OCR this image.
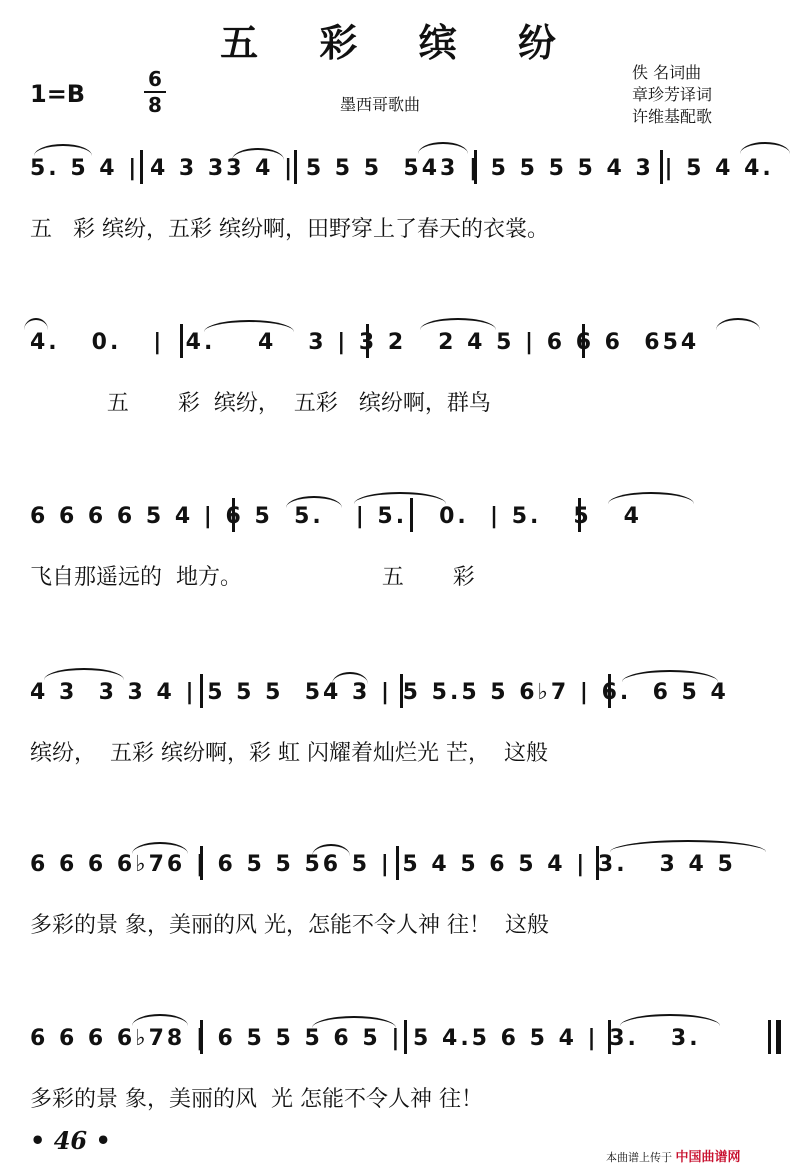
五 彩 缤 纷
1=B
6
8	墨西哥歌曲
佚 名词曲
章珍芳译词
许维基配歌
5. 5 4 | 4 3 33 4 | 5 5 5  543 | 5 5 5 5 4 3 | 5 4 4.
五   彩 缤纷，五彩 缤纷啊，田野穿上了春天的衣裳。
4.   0.   |  4.    4   3 | 3 2   2 4 5 | 6 6 6  654
五       彩  缤纷，  五彩   缤纷啊，群鸟
6 6 6 6 5 4 | 6 5  5.   | 5.   0.  | 5.   5   4
飞自那遥远的  地方。                    五       彩
4 3  3 3 4 | 5 5 5  54 3 | 5 5.5 5 6♭7 | 6.  6 5 4
缤纷，  五彩 缤纷啊，彩 虹 闪耀着灿烂光 芒，  这般
6 6 6 6♭76 | 6 5 5 56 5 | 5 4 5 6 5 4 | 3.   3 4 5
多彩的景 象，美丽的风 光，怎能不令人神 往！  这般
6 6 6 6♭78 | 6 5 5 5 6 5 | 5 4.5 6 5 4 | 3.   3.
多彩的景 象，美丽的风  光 怎能不令人神 往！
• 46 •
本曲谱上传于 中国曲谱网
